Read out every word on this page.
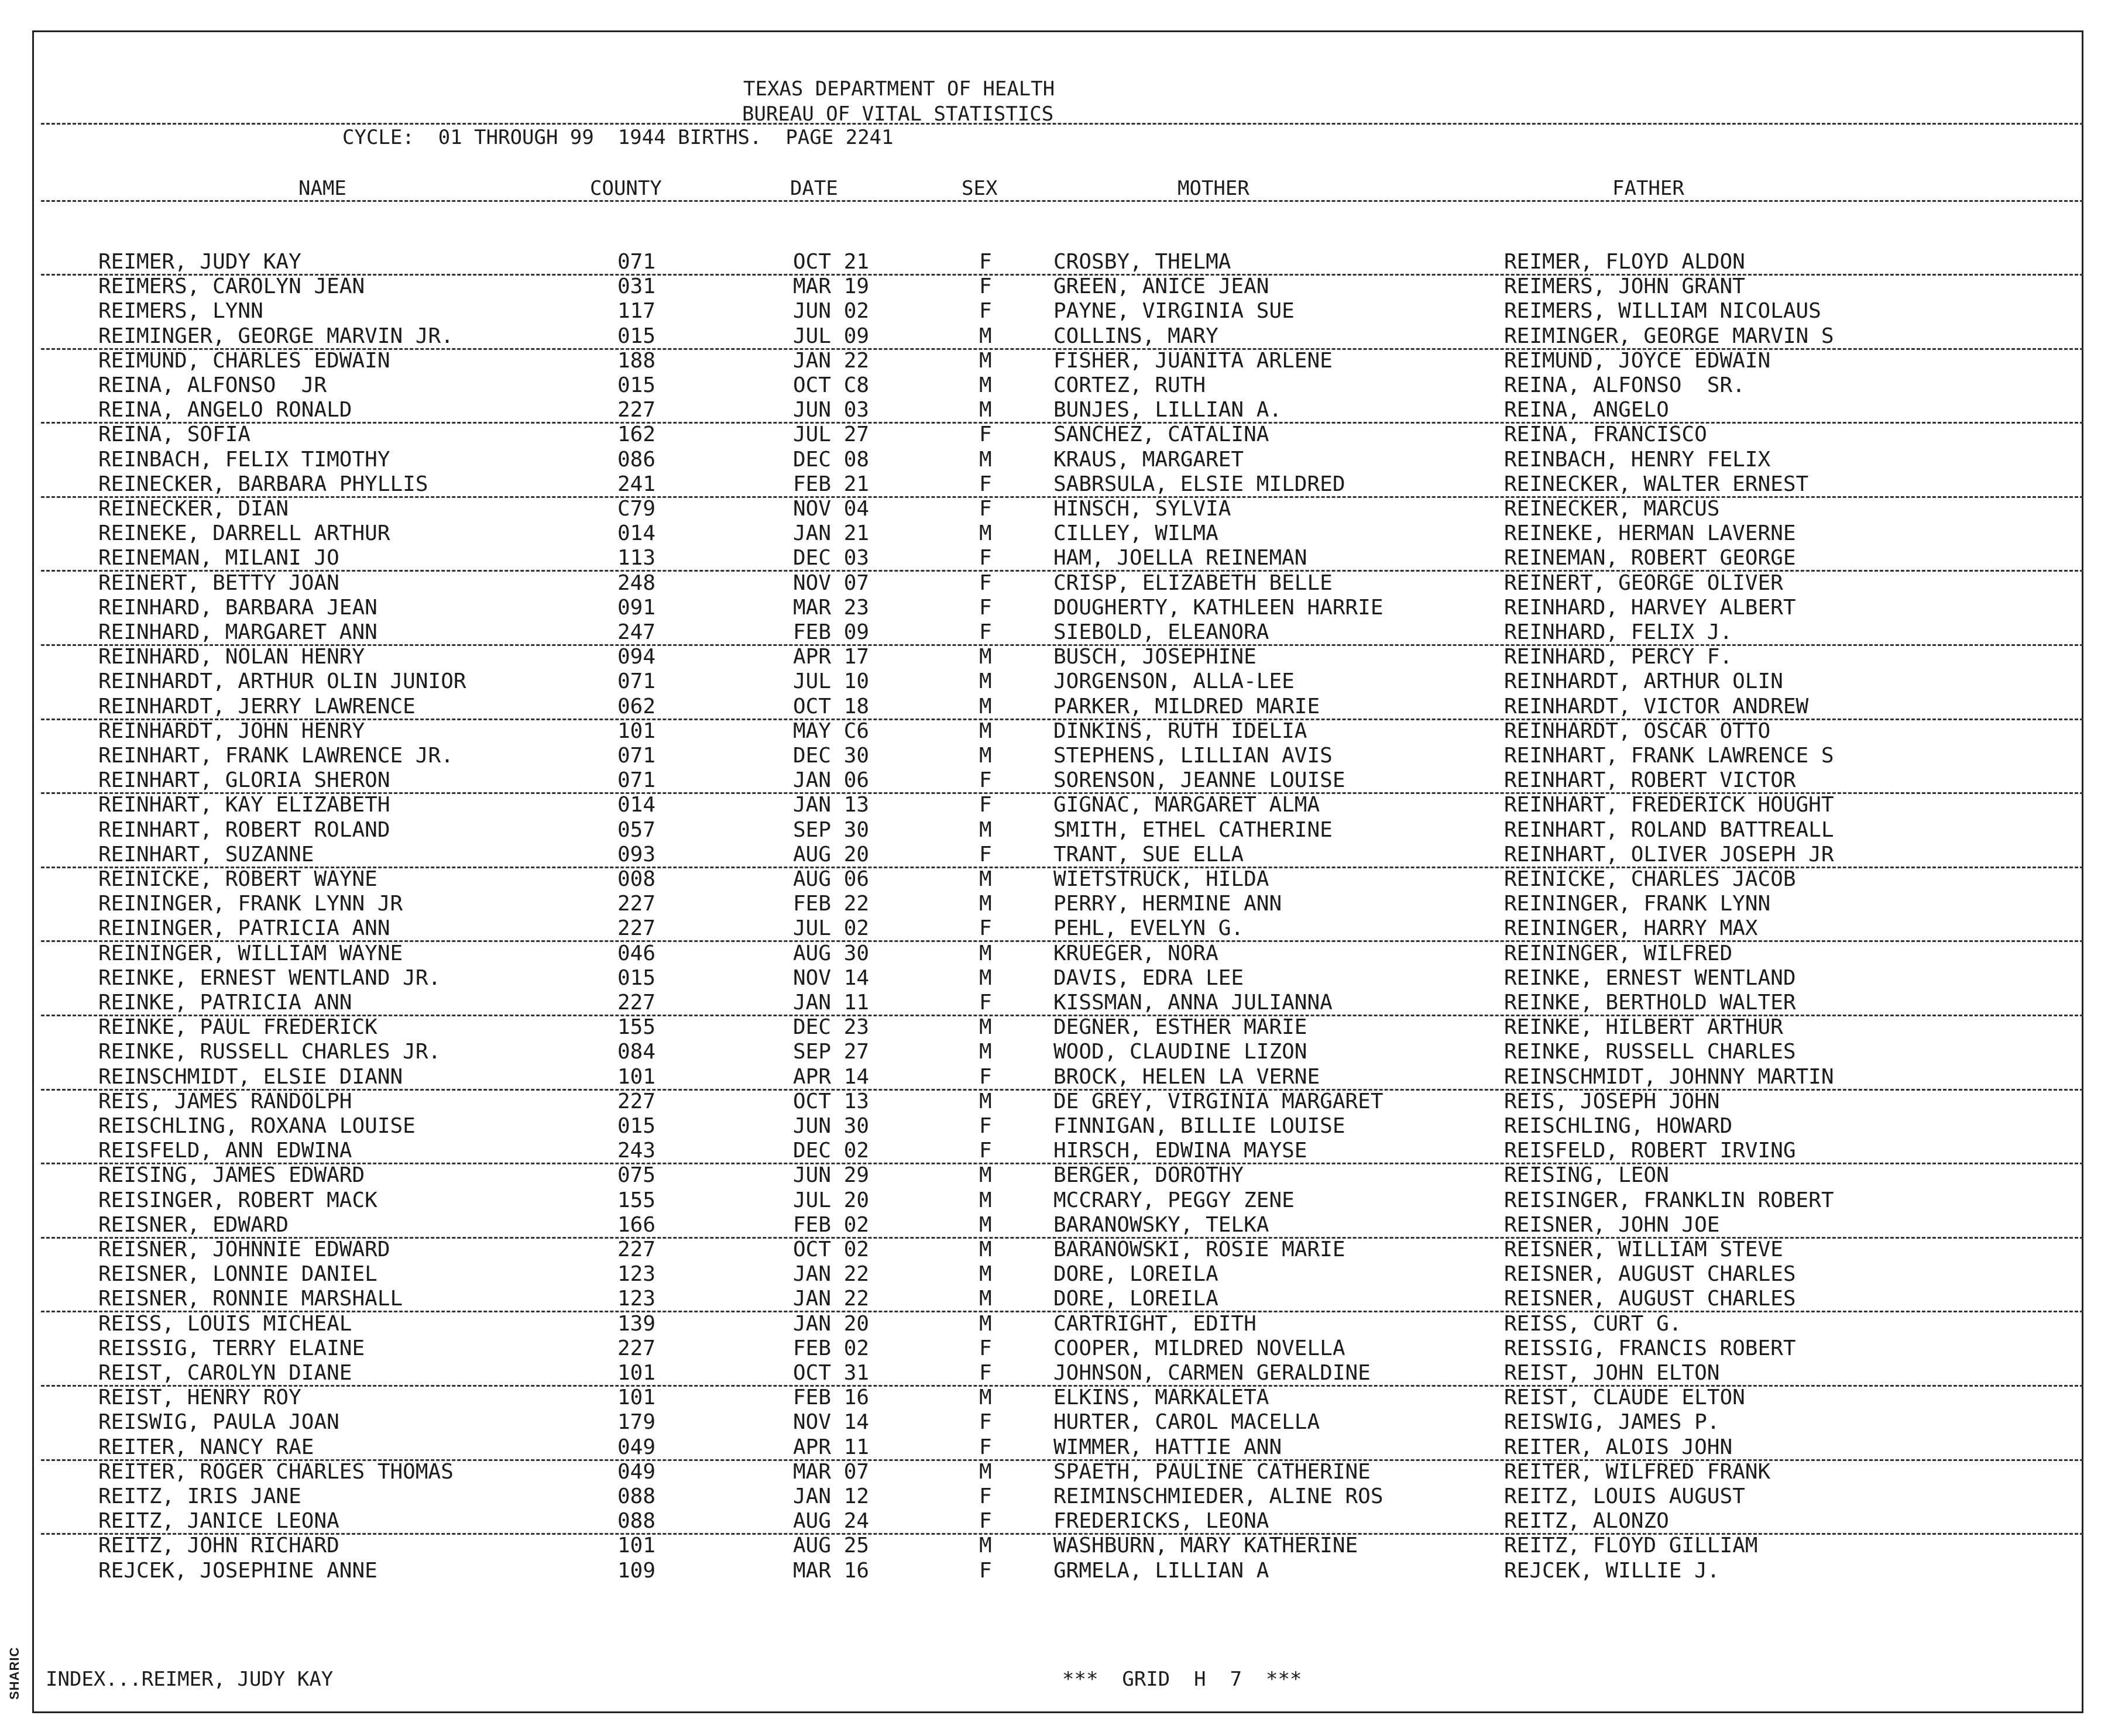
TEXAS DEPARTMENT OF HEALTH
BUREAU OF VITAL STATISTICS
CYCLE:  01 THROUGH 99  1944 BIRTHS.  PAGE 2241
NAME	COUNTY	DATE	SEX	MOTHER	FATHER
REIMER, JUDY KAY	071	OCT 21	F	CROSBY, THELMA	REIMER, FLOYD ALDON
REIMERS, CAROLYN JEAN	031	MAR 19	F	GREEN, ANICE JEAN	REIMERS, JOHN GRANT
REIMERS, LYNN	117	JUN 02	F	PAYNE, VIRGINIA SUE	REIMERS, WILLIAM NICOLAUS
REIMINGER, GEORGE MARVIN JR.	015	JUL 09	M	COLLINS, MARY	REIMINGER, GEORGE MARVIN S
REIMUND, CHARLES EDWAIN	188	JAN 22	M	FISHER, JUANITA ARLENE	REIMUND, JOYCE EDWAIN
REINA, ALFONSO  JR	015	OCT C8	M	CORTEZ, RUTH	REINA, ALFONSO  SR.
REINA, ANGELO RONALD	227	JUN 03	M	BUNJES, LILLIAN A.	REINA, ANGELO
REINA, SOFIA	162	JUL 27	F	SANCHEZ, CATALINA	REINA, FRANCISCO
REINBACH, FELIX TIMOTHY	086	DEC 08	M	KRAUS, MARGARET	REINBACH, HENRY FELIX
REINECKER, BARBARA PHYLLIS	241	FEB 21	F	SABRSULA, ELSIE MILDRED	REINECKER, WALTER ERNEST
REINECKER, DIAN	C79	NOV 04	F	HINSCH, SYLVIA	REINECKER, MARCUS
REINEKE, DARRELL ARTHUR	014	JAN 21	M	CILLEY, WILMA	REINEKE, HERMAN LAVERNE
REINEMAN, MILANI JO	113	DEC 03	F	HAM, JOELLA REINEMAN	REINEMAN, ROBERT GEORGE
REINERT, BETTY JOAN	248	NOV 07	F	CRISP, ELIZABETH BELLE	REINERT, GEORGE OLIVER
REINHARD, BARBARA JEAN	091	MAR 23	F	DOUGHERTY, KATHLEEN HARRIE	REINHARD, HARVEY ALBERT
REINHARD, MARGARET ANN	247	FEB 09	F	SIEBOLD, ELEANORA	REINHARD, FELIX J.
REINHARD, NOLAN HENRY	094	APR 17	M	BUSCH, JOSEPHINE	REINHARD, PERCY F.
REINHARDT, ARTHUR OLIN JUNIOR	071	JUL 10	M	JORGENSON, ALLA-LEE	REINHARDT, ARTHUR OLIN
REINHARDT, JERRY LAWRENCE	062	OCT 18	M	PARKER, MILDRED MARIE	REINHARDT, VICTOR ANDREW
REINHARDT, JOHN HENRY	101	MAY C6	M	DINKINS, RUTH IDELIA	REINHARDT, OSCAR OTTO
REINHART, FRANK LAWRENCE JR.	071	DEC 30	M	STEPHENS, LILLIAN AVIS	REINHART, FRANK LAWRENCE S
REINHART, GLORIA SHERON	071	JAN 06	F	SORENSON, JEANNE LOUISE	REINHART, ROBERT VICTOR
REINHART, KAY ELIZABETH	014	JAN 13	F	GIGNAC, MARGARET ALMA	REINHART, FREDERICK HOUGHT
REINHART, ROBERT ROLAND	057	SEP 30	M	SMITH, ETHEL CATHERINE	REINHART, ROLAND BATTREALL
REINHART, SUZANNE	093	AUG 20	F	TRANT, SUE ELLA	REINHART, OLIVER JOSEPH JR
REINICKE, ROBERT WAYNE	008	AUG 06	M	WIETSTRUCK, HILDA	REINICKE, CHARLES JACOB
REININGER, FRANK LYNN JR	227	FEB 22	M	PERRY, HERMINE ANN	REININGER, FRANK LYNN
REININGER, PATRICIA ANN	227	JUL 02	F	PEHL, EVELYN G.	REININGER, HARRY MAX
REININGER, WILLIAM WAYNE	046	AUG 30	M	KRUEGER, NORA	REININGER, WILFRED
REINKE, ERNEST WENTLAND JR.	015	NOV 14	M	DAVIS, EDRA LEE	REINKE, ERNEST WENTLAND
REINKE, PATRICIA ANN	227	JAN 11	F	KISSMAN, ANNA JULIANNA	REINKE, BERTHOLD WALTER
REINKE, PAUL FREDERICK	155	DEC 23	M	DEGNER, ESTHER MARIE	REINKE, HILBERT ARTHUR
REINKE, RUSSELL CHARLES JR.	084	SEP 27	M	WOOD, CLAUDINE LIZON	REINKE, RUSSELL CHARLES
REINSCHMIDT, ELSIE DIANN	101	APR 14	F	BROCK, HELEN LA VERNE	REINSCHMIDT, JOHNNY MARTIN
REIS, JAMES RANDOLPH	227	OCT 13	M	DE GREY, VIRGINIA MARGARET	REIS, JOSEPH JOHN
REISCHLING, ROXANA LOUISE	015	JUN 30	F	FINNIGAN, BILLIE LOUISE	REISCHLING, HOWARD
REISFELD, ANN EDWINA	243	DEC 02	F	HIRSCH, EDWINA MAYSE	REISFELD, ROBERT IRVING
REISING, JAMES EDWARD	075	JUN 29	M	BERGER, DOROTHY	REISING, LEON
REISINGER, ROBERT MACK	155	JUL 20	M	MCCRARY, PEGGY ZENE	REISINGER, FRANKLIN ROBERT
REISNER, EDWARD	166	FEB 02	M	BARANOWSKY, TELKA	REISNER, JOHN JOE
REISNER, JOHNNIE EDWARD	227	OCT 02	M	BARANOWSKI, ROSIE MARIE	REISNER, WILLIAM STEVE
REISNER, LONNIE DANIEL	123	JAN 22	M	DORE, LOREILA	REISNER, AUGUST CHARLES
REISNER, RONNIE MARSHALL	123	JAN 22	M	DORE, LOREILA	REISNER, AUGUST CHARLES
REISS, LOUIS MICHEAL	139	JAN 20	M	CARTRIGHT, EDITH	REISS, CURT G.
REISSIG, TERRY ELAINE	227	FEB 02	F	COOPER, MILDRED NOVELLA	REISSIG, FRANCIS ROBERT
REIST, CAROLYN DIANE	101	OCT 31	F	JOHNSON, CARMEN GERALDINE	REIST, JOHN ELTON
REIST, HENRY ROY	101	FEB 16	M	ELKINS, MARKALETA	REIST, CLAUDE ELTON
REISWIG, PAULA JOAN	179	NOV 14	F	HURTER, CAROL MACELLA	REISWIG, JAMES P.
REITER, NANCY RAE	049	APR 11	F	WIMMER, HATTIE ANN	REITER, ALOIS JOHN
REITER, ROGER CHARLES THOMAS	049	MAR 07	M	SPAETH, PAULINE CATHERINE	REITER, WILFRED FRANK
REITZ, IRIS JANE	088	JAN 12	F	REIMINSCHMIEDER, ALINE ROS	REITZ, LOUIS AUGUST
REITZ, JANICE LEONA	088	AUG 24	F	FREDERICKS, LEONA	REITZ, ALONZO
REITZ, JOHN RICHARD	101	AUG 25	M	WASHBURN, MARY KATHERINE	REITZ, FLOYD GILLIAM
REJCEK, JOSEPHINE ANNE	109	MAR 16	F	GRMELA, LILLIAN A	REJCEK, WILLIE J.
INDEX...REIMER, JUDY KAY	***  GRID  H  7  ***
SHARIC
